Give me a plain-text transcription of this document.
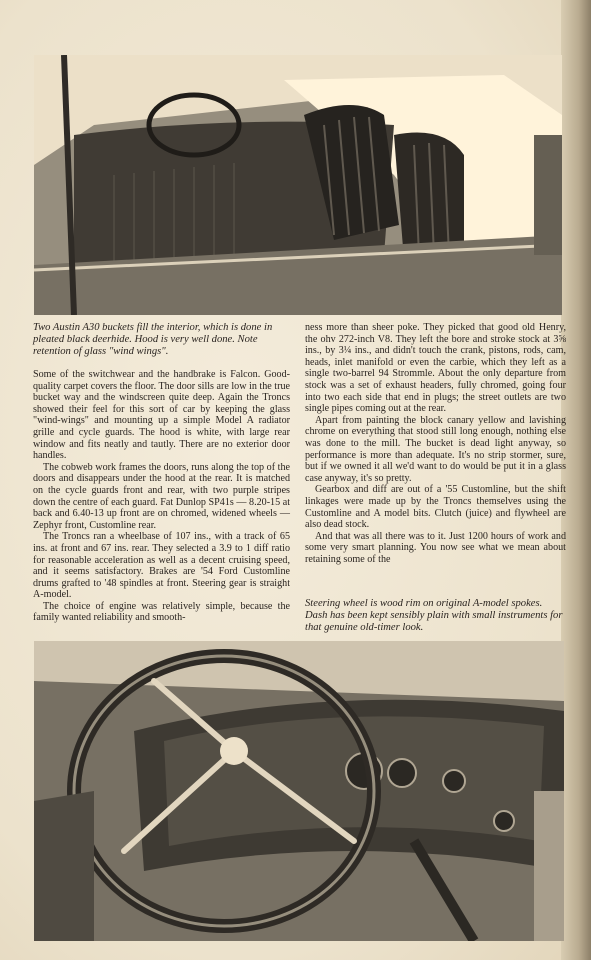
Two Austin A30 buckets fill the interior, which is done in pleated black deerhide. Hood is very well done. Note retention of glass "wind wings".

Some of the switchwear and the handbrake is Falcon. Good-quality carpet covers the floor. The door sills are low in the true bucket way and the windscreen quite deep. Again the Troncs showed their feel for this sort of car by keeping the glass "wind-wings" and mounting up a simple Model A radiator grille and cycle guards. The hood is white, with large rear window and fits neatly and tautly. There are no exterior door handles.

The cobweb work frames the doors, runs along the top of the doors and disappears under the hood at the rear. It is matched on the cycle guards front and rear, with two purple stripes down the centre of each guard. Fat Dunlop SP41s — 8.20-15 at back and 6.40-13 up front are on chromed, widened wheels — Zephyr front, Customline rear.

The Troncs ran a wheelbase of 107 ins., with a track of 65 ins. at front and 67 ins. rear. They selected a 3.9 to 1 diff ratio for reasonable acceleration as well as a decent cruising speed, and it seems satisfactory. Brakes are '54 Ford Customline drums grafted to '48 spindles at front. Steering gear is straight A-model.

The choice of engine was relatively simple, because the family wanted reliability and smooth-

ness more than sheer poke. They picked that good old Henry, the ohv 272-inch V8. They left the bore and stroke stock at 3⅝ ins., by 3¼ ins., and didn't touch the crank, pistons, rods, cam, heads, inlet manifold or even the carbie, which they left as a single two-barrel 94 Strommle. About the only departure from stock was a set of exhaust headers, fully chromed, going four into two each side that end in plugs; the street outlets are two single pipes coming out at the rear.

Apart from painting the block canary yellow and lavishing chrome on everything that stood still long enough, nothing else was done to the mill. The bucket is dead light anyway, so performance is more than adequate. It's no strip stormer, sure, but if we owned it all we'd want to do would be put it in a glass case anyway, it's so pretty.

Gearbox and diff are out of a '55 Customline, but the shift linkages were made up by the Troncs themselves using the Customline and A model bits. Clutch (juice) and flywheel are also dead stock.

And that was all there was to it. Just 1200 hours of work and some very smart planning. You now see what we mean about retaining some of the

Steering wheel is wood rim on original A-model spokes. Dash has been kept sensibly plain with small instruments for that genuine old-timer look.
